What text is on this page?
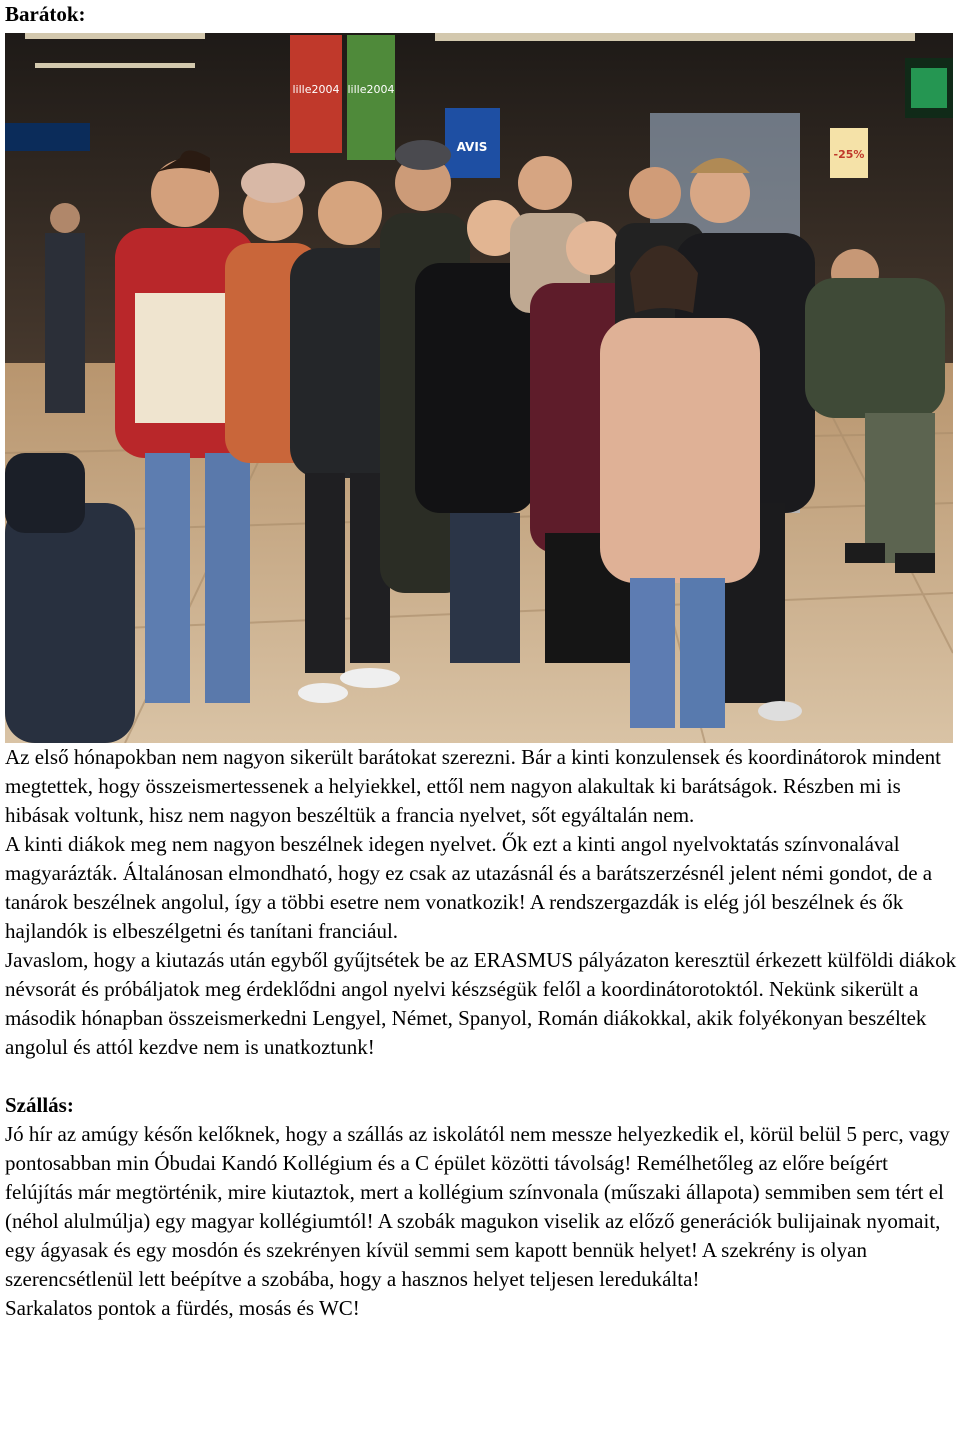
Barátok:
lille2004 lille2004
AVIS
-25%

Az első hónapokban nem nagyon sikerült barátokat szerezni. Bár a kinti konzulensek és koordinátorok mindent megtettek, hogy összeismertessenek a helyiekkel, ettől nem nagyon alakultak ki barátságok. Részben mi is hibásak voltunk, hisz nem nagyon beszéltük a francia nyelvet, sőt egyáltalán nem.

A kinti diákok meg nem nagyon beszélnek idegen nyelvet. Ők ezt a kinti angol nyelvoktatás színvonalával magyarázták. Általánosan elmondható, hogy ez csak az utazásnál és a barátszerzésnél jelent némi gondot, de a tanárok beszélnek angolul, így a többi esetre nem vonatkozik! A rendszergazdák is elég jól beszélnek és ők hajlandók is elbeszélgetni és tanítani franciául.

Javaslom, hogy a kiutazás után egyből gyűjtsétek be az ERASMUS pályázaton keresztül érkezett külföldi diákok névsorát és próbáljatok meg érdeklődni angol nyelvi készségük felől a koordinátorotoktól. Nekünk sikerült a második hónapban összeismerkedni Lengyel, Német, Spanyol, Román diákokkal, akik folyékonyan beszéltek angolul és attól kezdve nem is unatkoztunk!

Szállás:

Jó hír az amúgy későn kelőknek, hogy a szállás az iskolától nem messze helyezkedik el, körül belül 5 perc, vagy pontosabban min Óbudai Kandó Kollégium és a C épület közötti távolság! Remélhetőleg az előre beígért felújítás már megtörténik, mire kiutaztok, mert a kollégium színvonala (műszaki állapota) semmiben sem tért el (néhol alulmúlja) egy magyar kollégiumtól! A szobák magukon viselik az előző generációk bulijainak nyomait, egy ágyasak és egy mosdón és szekrényen kívül semmi sem kapott bennük helyet! A szekrény is olyan szerencsétlenül lett beépítve a szobába, hogy a hasznos helyet teljesen leredukálta!

Sarkalatos pontok a fürdés, mosás és WC!
